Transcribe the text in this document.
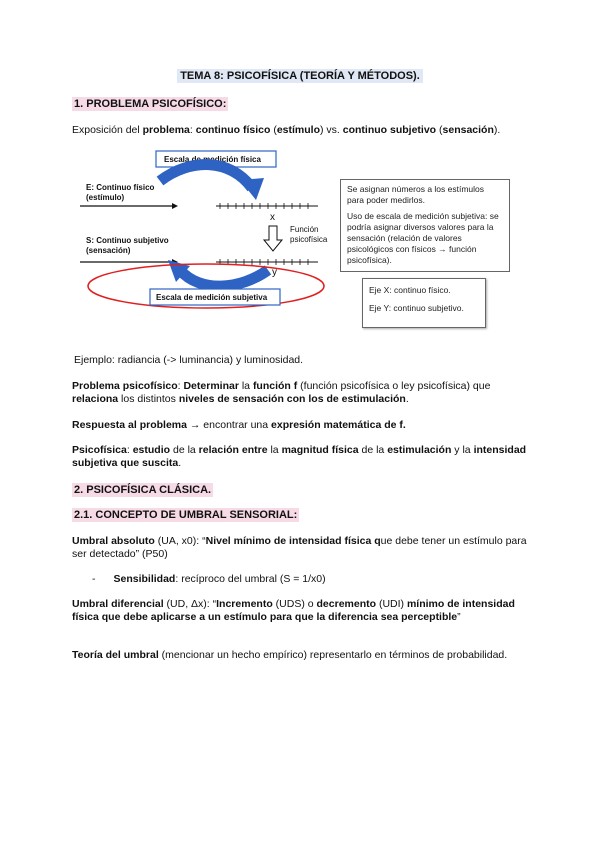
TEMA 8: PSICOFÍSICA (TEORÍA Y MÉTODOS).
1. PROBLEMA PSICOFÍSICO:
Exposición del problema: continuo físico (estímulo) vs. continuo subjetivo (sensación).
Escala de medición física
E: Continuo físico
(estímulo)
x
Función
psicofísica
S: Continuo subjetivo
(sensación)
y
Escala de medición subjetiva
Se asignan números a los estímulos para poder medirlos.
Uso de escala de medición subjetiva: se podría asignar diversos valores para la sensación (relación de valores psicológicos con físicos → función psicofísica).
Eje X: continuo físico.
Eje Y: continuo subjetivo.
Ejemplo: radiancia (-> luminancia) y luminosidad.
Problema psicofísico: Determinar la función f (función psicofísica o ley psicofísica) que relaciona los distintos niveles de sensación con los de estimulación.
Respuesta al problema → encontrar una expresión matemática de f.
Psicofísica: estudio de la relación entre la magnitud física de la estimulación y la intensidad subjetiva que suscita.
2. PSICOFÍSICA CLÁSICA.
2.1. CONCEPTO DE UMBRAL SENSORIAL:
Umbral absoluto (UA, x0): “Nivel mínimo de intensidad física que debe tener un estímulo para ser detectado” (P50)
- Sensibilidad: recíproco del umbral (S = 1/x0)
Umbral diferencial (UD, Δx): “Incremento (UDS) o decremento (UDI) mínimo de intensidad física que debe aplicarse a un estímulo para que la diferencia sea perceptible”
Teoría del umbral (mencionar un hecho empírico) representarlo en términos de probabilidad.
